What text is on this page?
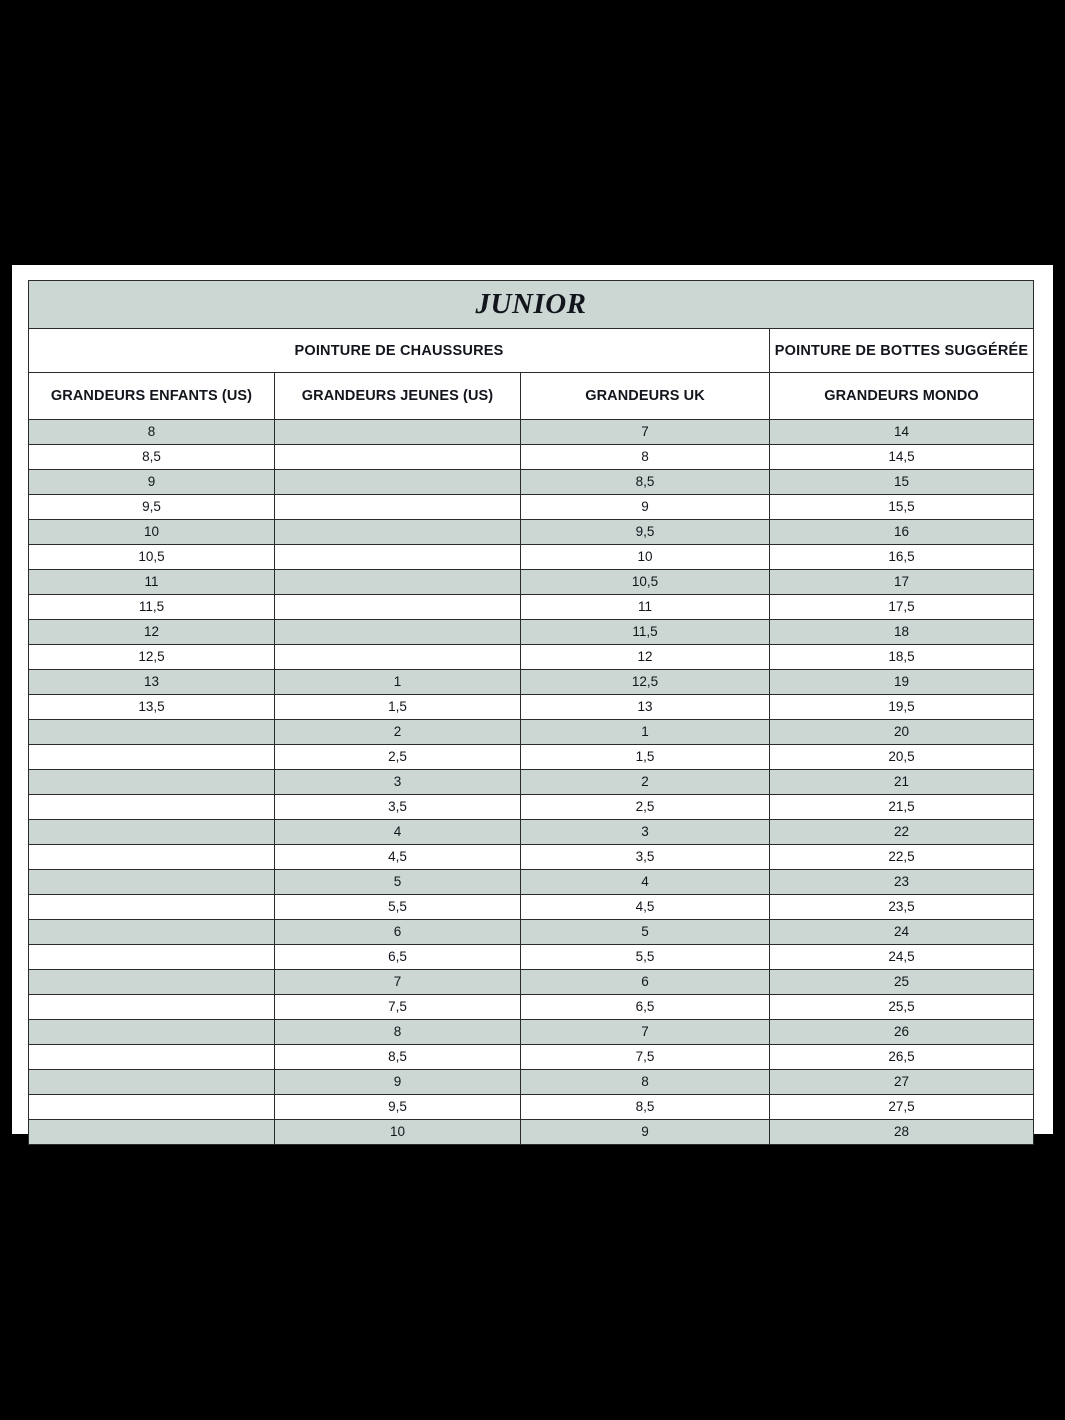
JUNIOR			
POINTURE DE CHAUSSURES			POINTURE DE BOTTES SUGGÉRÉE
GRANDEURS ENFANTS (US)	GRANDEURS JEUNES (US)	GRANDEURS UK	GRANDEURS MONDO
8		7	14
8,5		8	14,5
9		8,5	15
9,5		9	15,5
10		9,5	16
10,5		10	16,5
11		10,5	17
11,5		11	17,5
12		11,5	18
12,5		12	18,5
13	1	12,5	19
13,5	1,5	13	19,5
	2	1	20
	2,5	1,5	20,5
	3	2	21
	3,5	2,5	21,5
	4	3	22
	4,5	3,5	22,5
	5	4	23
	5,5	4,5	23,5
	6	5	24
	6,5	5,5	24,5
	7	6	25
	7,5	6,5	25,5
	8	7	26
	8,5	7,5	26,5
	9	8	27
	9,5	8,5	27,5
	10	9	28
